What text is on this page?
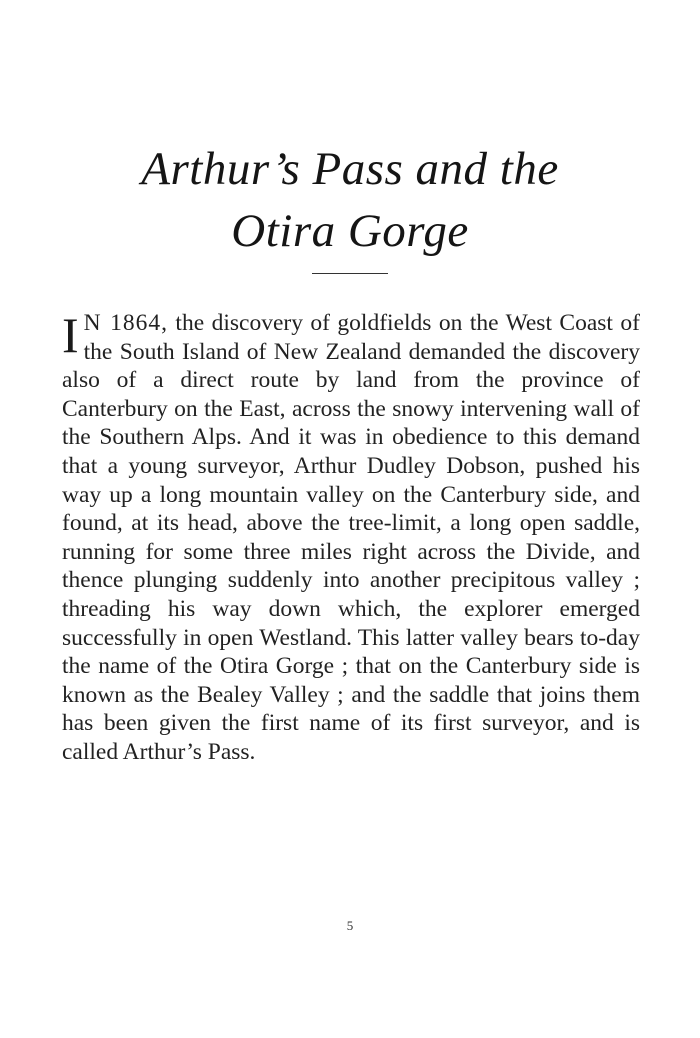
Arthur’s Pass and the
Otira Gorge

I N 1864, the discovery of goldfields on the West Coast of the South Island of New Zealand demanded the discovery also of a direct route by land from the province of Canterbury on the East, across the snowy intervening wall of the Southern Alps. And it was in obedience to this demand that a young surveyor, Arthur Dudley Dobson, pushed his way up a long mountain valley on the Canterbury side, and found, at its head, above the tree-limit, a long open saddle, running for some three miles right across the Divide, and thence plunging suddenly into another precipitous valley ; threading his way down which, the explorer emerged successfully in open Westland. This latter valley bears to-day the name of the Otira Gorge ; that on the Canterbury side is known as the Bealey Valley ; and the saddle that joins them has been given the first name of its first surveyor, and is called Arthur’s Pass.

5
